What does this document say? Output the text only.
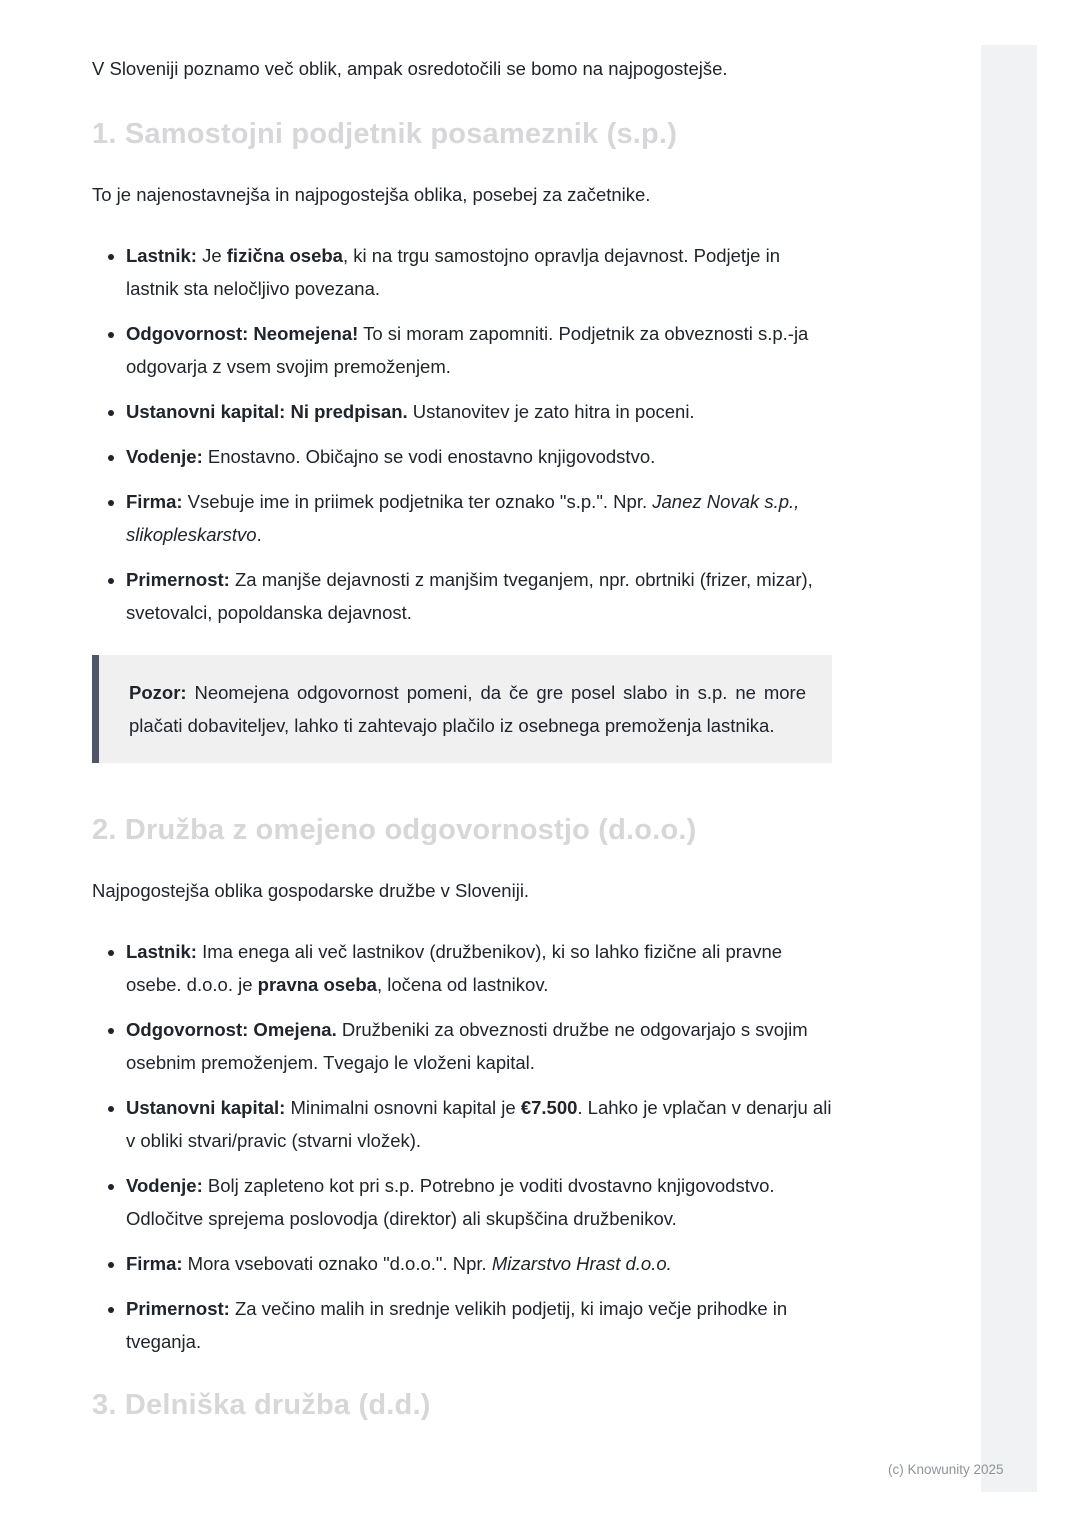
V Sloveniji poznamo več oblik, ampak osredotočili se bomo na najpogostejše.

1. Samostojni podjetnik posameznik (s.p.)

To je najenostavnejša in najpogostejša oblika, posebej za začetnike.

• Lastnik: Je fizična oseba, ki na trgu samostojno opravlja dejavnost. Podjetje in lastnik sta neločljivo povezana.
• Odgovornost: Neomejena! To si moram zapomniti. Podjetnik za obveznosti s.p.-ja odgovarja z vsem svojim premoženjem.
• Ustanovni kapital: Ni predpisan. Ustanovitev je zato hitra in poceni.
• Vodenje: Enostavno. Običajno se vodi enostavno knjigovodstvo.
• Firma: Vsebuje ime in priimek podjetnika ter oznako "s.p.". Npr. Janez Novak s.p., slikopleskarstvo.
• Primernost: Za manjše dejavnosti z manjšim tveganjem, npr. obrtniki (frizer, mizar), svetovalci, popoldanska dejavnost.

Pozor: Neomejena odgovornost pomeni, da če gre posel slabo in s.p. ne more plačati dobaviteljev, lahko ti zahtevajo plačilo iz osebnega premoženja lastnika.

2. Družba z omejeno odgovornostjo (d.o.o.)

Najpogostejša oblika gospodarske družbe v Sloveniji.

• Lastnik: Ima enega ali več lastnikov (družbenikov), ki so lahko fizične ali pravne osebe. d.o.o. je pravna oseba, ločena od lastnikov.
• Odgovornost: Omejena. Družbeniki za obveznosti družbe ne odgovarjajo s svojim osebnim premoženjem. Tvegajo le vloženi kapital.
• Ustanovni kapital: Minimalni osnovni kapital je €7.500. Lahko je vplačan v denarju ali v obliki stvari/pravic (stvarni vložek).
• Vodenje: Bolj zapleteno kot pri s.p. Potrebno je voditi dvostavno knjigovodstvo. Odločitve sprejema poslovodja (direktor) ali skupščina družbenikov.
• Firma: Mora vsebovati oznako "d.o.o.". Npr. Mizarstvo Hrast d.o.o.
• Primernost: Za večino malih in srednje velikih podjetij, ki imajo večje prihodke in tveganja.
3. Delniška družba (d.d.)
(c) Knowunity 2025
